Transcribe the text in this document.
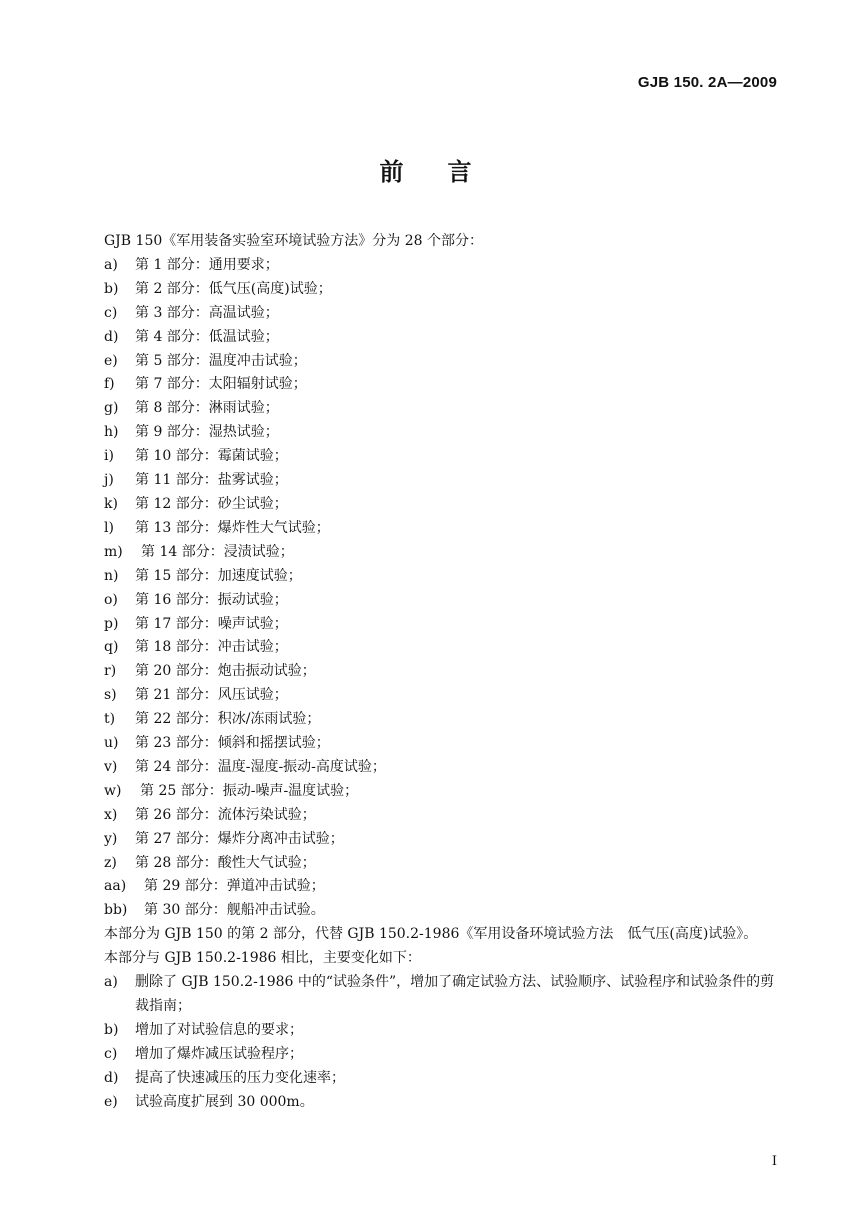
GJB 150. 2A—2009
前言

GJB 150《军用装备实验室环境试验方法》分为 28 个部分：

a)	第 1 部分：通用要求；
b)	第 2 部分：低气压(高度)试验；
c)	第 3 部分：高温试验；
d)	第 4 部分：低温试验；
e)	第 5 部分：温度冲击试验；
f)	第 7 部分：太阳辐射试验；
g)	第 8 部分：淋雨试验；
h)	第 9 部分：湿热试验；
i)	第 10 部分：霉菌试验；
j)	第 11 部分：盐雾试验；
k)	第 12 部分：砂尘试验；
l)	第 13 部分：爆炸性大气试验；
m)	第 14 部分：浸渍试验；
n)	第 15 部分：加速度试验；
o)	第 16 部分：振动试验；
p)	第 17 部分：噪声试验；
q)	第 18 部分：冲击试验；
r)	第 20 部分：炮击振动试验；
s)	第 21 部分：风压试验；
t)	第 22 部分：积冰/冻雨试验；
u)	第 23 部分：倾斜和摇摆试验；
v)	第 24 部分：温度-湿度-振动-高度试验；
w)	第 25 部分：振动-噪声-温度试验；
x)	第 26 部分：流体污染试验；
y)	第 27 部分：爆炸分离冲击试验；
z)	第 28 部分：酸性大气试验；
aa)	第 29 部分：弹道冲击试验；
bb)	第 30 部分：舰船冲击试验。

本部分为 GJB 150 的第 2 部分，代替 GJB 150.2-1986《军用设备环境试验方法　低气压(高度)试验》。

本部分与 GJB 150.2-1986 相比，主要变化如下：

a)	删除了 GJB 150.2-1986 中的“试验条件”，增加了确定试验方法、试验顺序、试验程序和试验条件的剪裁指南；
b)	增加了对试验信息的要求；
c)	增加了爆炸减压试验程序；
d)	提高了快速减压的压力变化速率；
e)	试验高度扩展到 30 000m。
I
